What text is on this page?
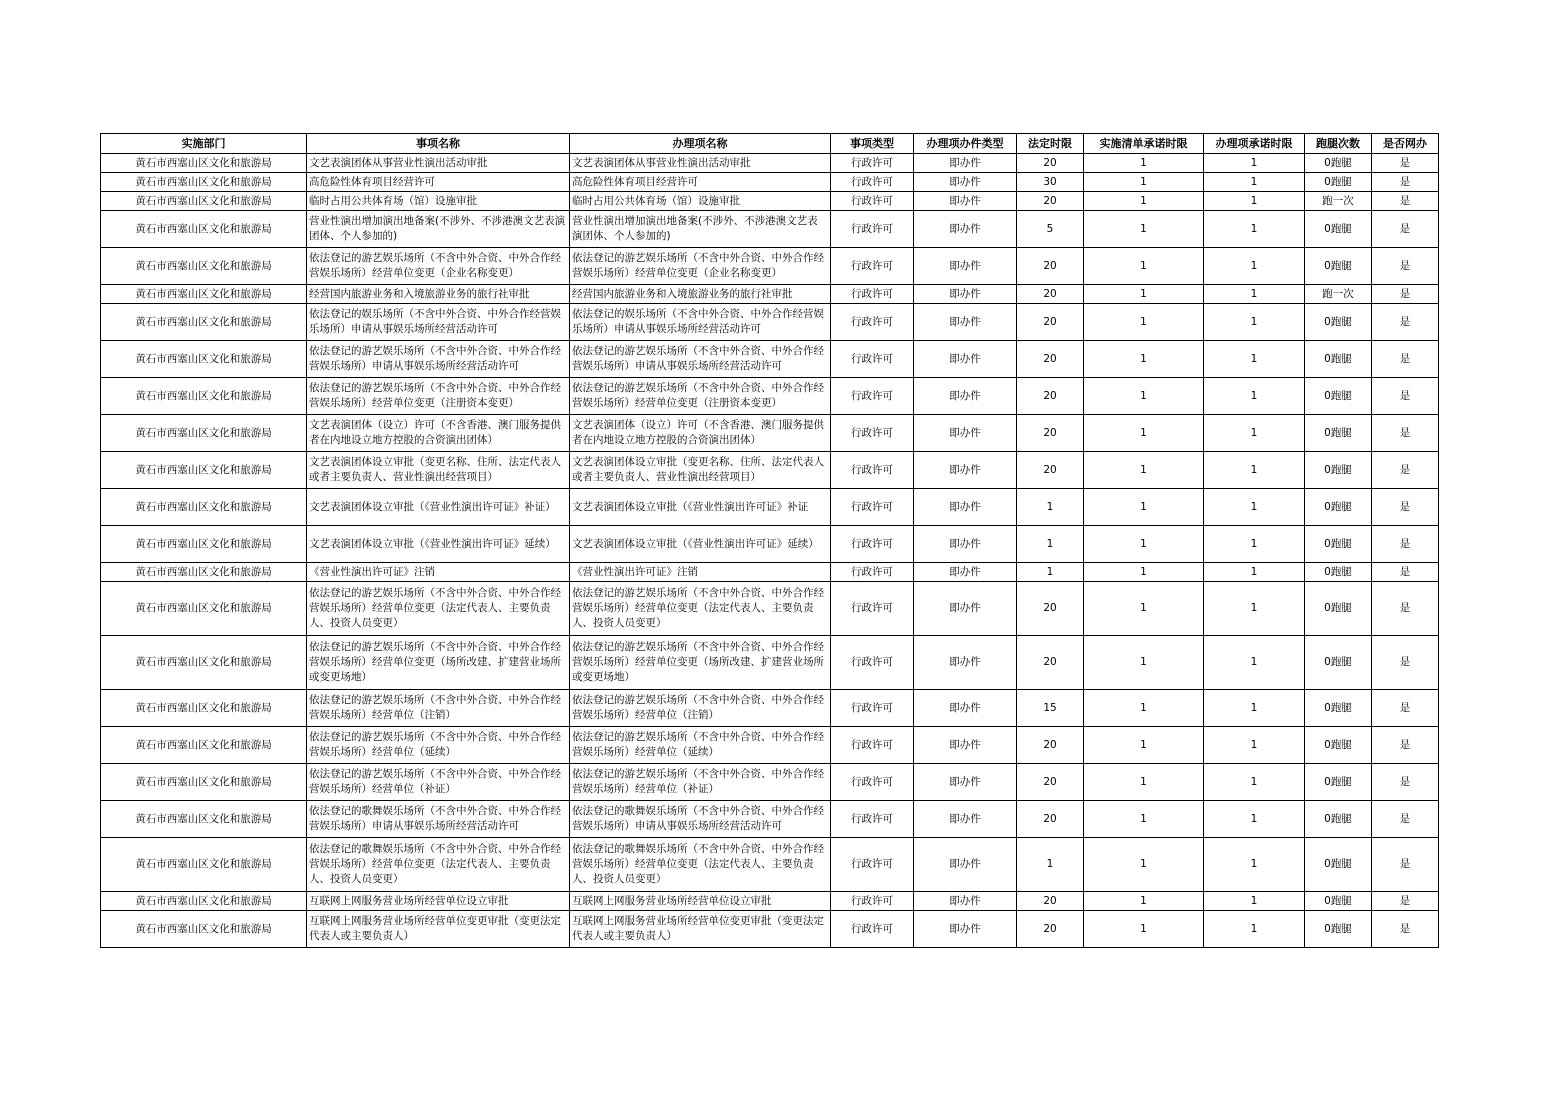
实施部门	事项名称	办理项名称	事项类型	办理项办件类型	法定时限	实施清单承诺时限	办理项承诺时限	跑腿次数	是否网办
黄石市西塞山区文化和旅游局	文艺表演团体从事营业性演出活动审批	文艺表演团体从事营业性演出活动审批	行政许可	即办件	20	1	1	0跑腿	是
黄石市西塞山区文化和旅游局	高危险性体育项目经营许可	高危险性体育项目经营许可	行政许可	即办件	30	1	1	0跑腿	是
黄石市西塞山区文化和旅游局	临时占用公共体育场（馆）设施审批	临时占用公共体育场（馆）设施审批	行政许可	即办件	20	1	1	跑一次	是
黄石市西塞山区文化和旅游局	营业性演出增加演出地备案(不涉外、不涉港澳文艺表演团体、个人参加的)	营业性演出增加演出地备案(不涉外、不涉港澳文艺表演团体、个人参加的)	行政许可	即办件	5	1	1	0跑腿	是
黄石市西塞山区文化和旅游局	依法登记的游艺娱乐场所（不含中外合资、中外合作经营娱乐场所）经营单位变更（企业名称变更）	依法登记的游艺娱乐场所（不含中外合资、中外合作经营娱乐场所）经营单位变更（企业名称变更）	行政许可	即办件	20	1	1	0跑腿	是
黄石市西塞山区文化和旅游局	经营国内旅游业务和入境旅游业务的旅行社审批	经营国内旅游业务和入境旅游业务的旅行社审批	行政许可	即办件	20	1	1	跑一次	是
黄石市西塞山区文化和旅游局	依法登记的娱乐场所（不含中外合资、中外合作经营娱乐场所）申请从事娱乐场所经营活动许可	依法登记的娱乐场所（不含中外合资、中外合作经营娱乐场所）申请从事娱乐场所经营活动许可	行政许可	即办件	20	1	1	0跑腿	是
黄石市西塞山区文化和旅游局	依法登记的游艺娱乐场所（不含中外合资、中外合作经营娱乐场所）申请从事娱乐场所经营活动许可	依法登记的游艺娱乐场所（不含中外合资、中外合作经营娱乐场所）申请从事娱乐场所经营活动许可	行政许可	即办件	20	1	1	0跑腿	是
黄石市西塞山区文化和旅游局	依法登记的游艺娱乐场所（不含中外合资、中外合作经营娱乐场所）经营单位变更（注册资本变更）	依法登记的游艺娱乐场所（不含中外合资、中外合作经营娱乐场所）经营单位变更（注册资本变更）	行政许可	即办件	20	1	1	0跑腿	是
黄石市西塞山区文化和旅游局	文艺表演团体（设立）许可（不含香港、澳门服务提供者在内地设立地方控股的合资演出团体）	文艺表演团体（设立）许可（不含香港、澳门服务提供者在内地设立地方控股的合资演出团体）	行政许可	即办件	20	1	1	0跑腿	是
黄石市西塞山区文化和旅游局	文艺表演团体设立审批（变更名称、住所、法定代表人或者主要负责人、营业性演出经营项目）	文艺表演团体设立审批（变更名称、住所、法定代表人或者主要负责人、营业性演出经营项目）	行政许可	即办件	20	1	1	0跑腿	是
黄石市西塞山区文化和旅游局	文艺表演团体设立审批（《营业性演出许可证》补证）	文艺表演团体设立审批（《营业性演出许可证》补证	行政许可	即办件	1	1	1	0跑腿	是
黄石市西塞山区文化和旅游局	文艺表演团体设立审批（《营业性演出许可证》延续）	文艺表演团体设立审批（《营业性演出许可证》延续）	行政许可	即办件	1	1	1	0跑腿	是
黄石市西塞山区文化和旅游局	《营业性演出许可证》注销	《营业性演出许可证》注销	行政许可	即办件	1	1	1	0跑腿	是
黄石市西塞山区文化和旅游局	依法登记的游艺娱乐场所（不含中外合资、中外合作经营娱乐场所）经营单位变更（法定代表人、主要负责人、投资人员变更）	依法登记的游艺娱乐场所（不含中外合资、中外合作经营娱乐场所）经营单位变更（法定代表人、主要负责人、投资人员变更）	行政许可	即办件	20	1	1	0跑腿	是
黄石市西塞山区文化和旅游局	依法登记的游艺娱乐场所（不含中外合资、中外合作经营娱乐场所）经营单位变更（场所改建、扩建营业场所或变更场地）	依法登记的游艺娱乐场所（不含中外合资、中外合作经营娱乐场所）经营单位变更（场所改建、扩建营业场所或变更场地）	行政许可	即办件	20	1	1	0跑腿	是
黄石市西塞山区文化和旅游局	依法登记的游艺娱乐场所（不含中外合资、中外合作经营娱乐场所）经营单位（注销）	依法登记的游艺娱乐场所（不含中外合资、中外合作经营娱乐场所）经营单位（注销）	行政许可	即办件	15	1	1	0跑腿	是
黄石市西塞山区文化和旅游局	依法登记的游艺娱乐场所（不含中外合资、中外合作经营娱乐场所）经营单位（延续）	依法登记的游艺娱乐场所（不含中外合资、中外合作经营娱乐场所）经营单位（延续）	行政许可	即办件	20	1	1	0跑腿	是
黄石市西塞山区文化和旅游局	依法登记的游艺娱乐场所（不含中外合资、中外合作经营娱乐场所）经营单位（补证）	依法登记的游艺娱乐场所（不含中外合资、中外合作经营娱乐场所）经营单位（补证）	行政许可	即办件	20	1	1	0跑腿	是
黄石市西塞山区文化和旅游局	依法登记的歌舞娱乐场所（不含中外合资、中外合作经营娱乐场所）申请从事娱乐场所经营活动许可	依法登记的歌舞娱乐场所（不含中外合资、中外合作经营娱乐场所）申请从事娱乐场所经营活动许可	行政许可	即办件	20	1	1	0跑腿	是
黄石市西塞山区文化和旅游局	依法登记的歌舞娱乐场所（不含中外合资、中外合作经营娱乐场所）经营单位变更（法定代表人、主要负责人、投资人员变更）	依法登记的歌舞娱乐场所（不含中外合资、中外合作经营娱乐场所）经营单位变更（法定代表人、主要负责人、投资人员变更）	行政许可	即办件	1	1	1	0跑腿	是
黄石市西塞山区文化和旅游局	互联网上网服务营业场所经营单位设立审批	互联网上网服务营业场所经营单位设立审批	行政许可	即办件	20	1	1	0跑腿	是
黄石市西塞山区文化和旅游局	互联网上网服务营业场所经营单位变更审批（变更法定代表人或主要负责人）	互联网上网服务营业场所经营单位变更审批（变更法定代表人或主要负责人）	行政许可	即办件	20	1	1	0跑腿	是
